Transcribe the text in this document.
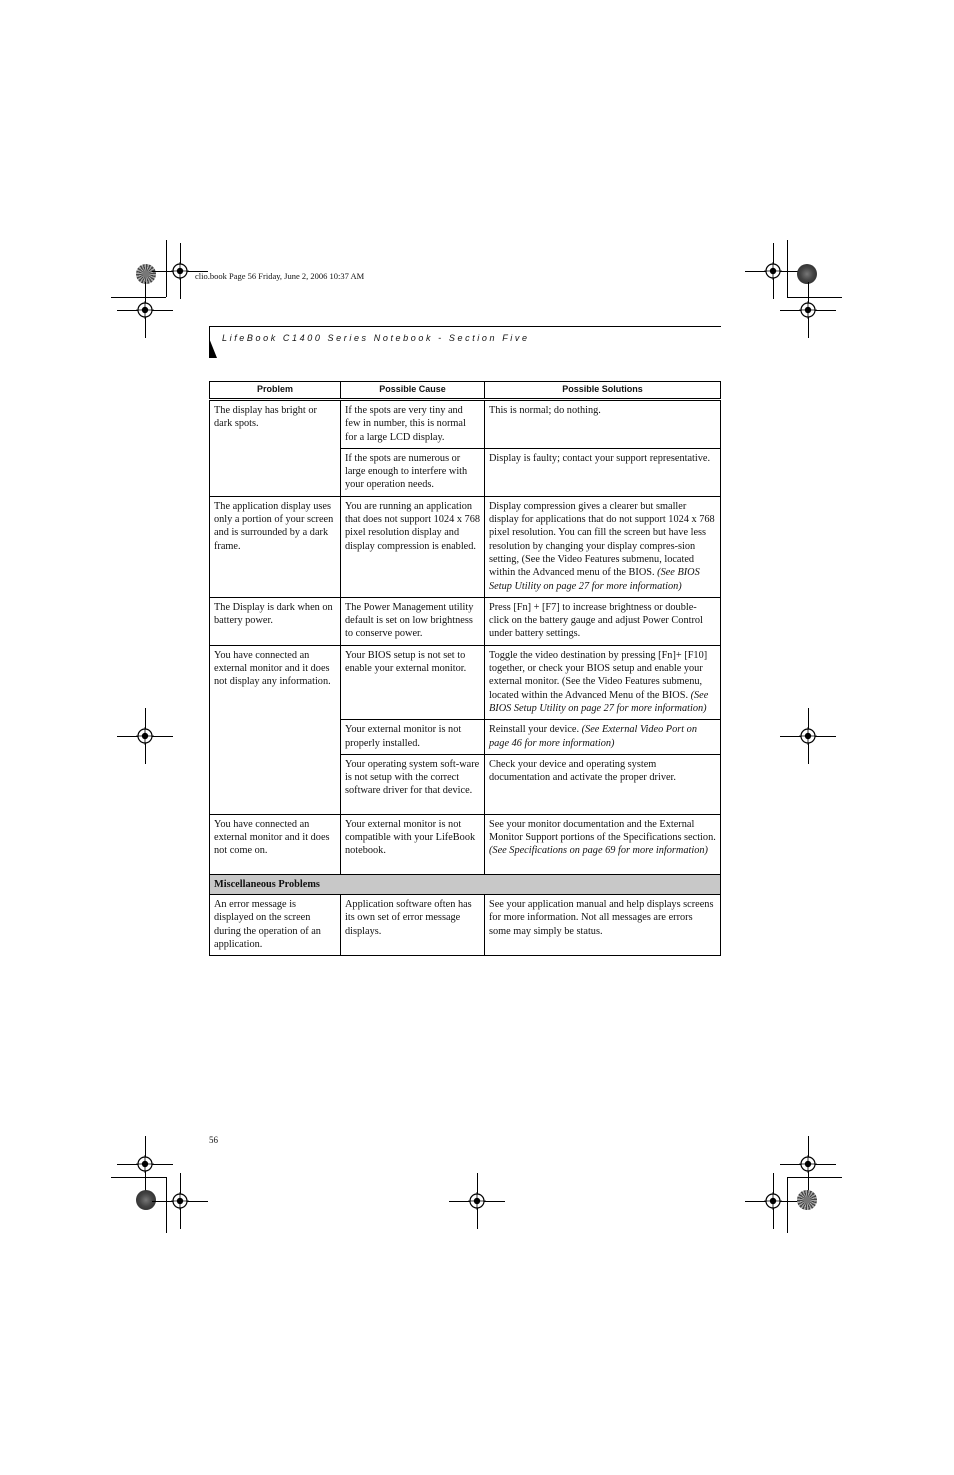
clio.book Page 56 Friday, June 2, 2006 10:37 AM
LifeBook C1400 Series Notebook - Section Five
Problem	Possible Cause	Possible Solutions
The display has bright or dark spots.	If the spots are very tiny and few in number, this is normal for a large LCD display.	This is normal; do nothing.
	If the spots are numerous or large enough to interfere with your operation needs.	Display is faulty; contact your support representative.
The application display uses only a portion of your screen and is surrounded by a dark frame.	You are running an application that does not support 1024 x 768 pixel resolution display and display compression is enabled.	Display compression gives a clearer but smaller display for applications that do not support 1024 x 768 pixel resolution. You can fill the screen but have less resolution by changing your display compres-sion setting, (See the Video Features submenu, located within the Advanced menu of the BIOS. (See BIOS Setup Utility on page 27 for more information)
The Display is dark when on battery power.	The Power Management utility default is set on low brightness to conserve power.	Press [Fn] + [F7] to increase brightness or double-click on the battery gauge and adjust Power Control under battery settings.
You have connected an external monitor and it does not display any information.	Your BIOS setup is not set to enable your external monitor.	Toggle the video destination by pressing [Fn]+ [F10] together, or check your BIOS setup and enable your external monitor. (See the Video Features submenu, located within the Advanced Menu of the BIOS. (See BIOS Setup Utility on page 27 for more information)
	Your external monitor is not properly installed.	Reinstall your device. (See External Video Port on page 46 for more information)
	Your operating system soft-ware is not setup with the correct software driver for that device.	Check your device and operating system documentation and activate the proper driver.
You have connected an external monitor and it does not come on.	Your external monitor is not compatible with your LifeBook notebook.	See your monitor documentation and the External Monitor Support portions of the Specifications section. (See Specifications on page 69 for more information)
Miscellaneous Problems		
An error message is displayed on the screen during the operation of an application.	Application software often has its own set of error message displays.	See your application manual and help displays screens for more information. Not all messages are errors some may simply be status.
56
